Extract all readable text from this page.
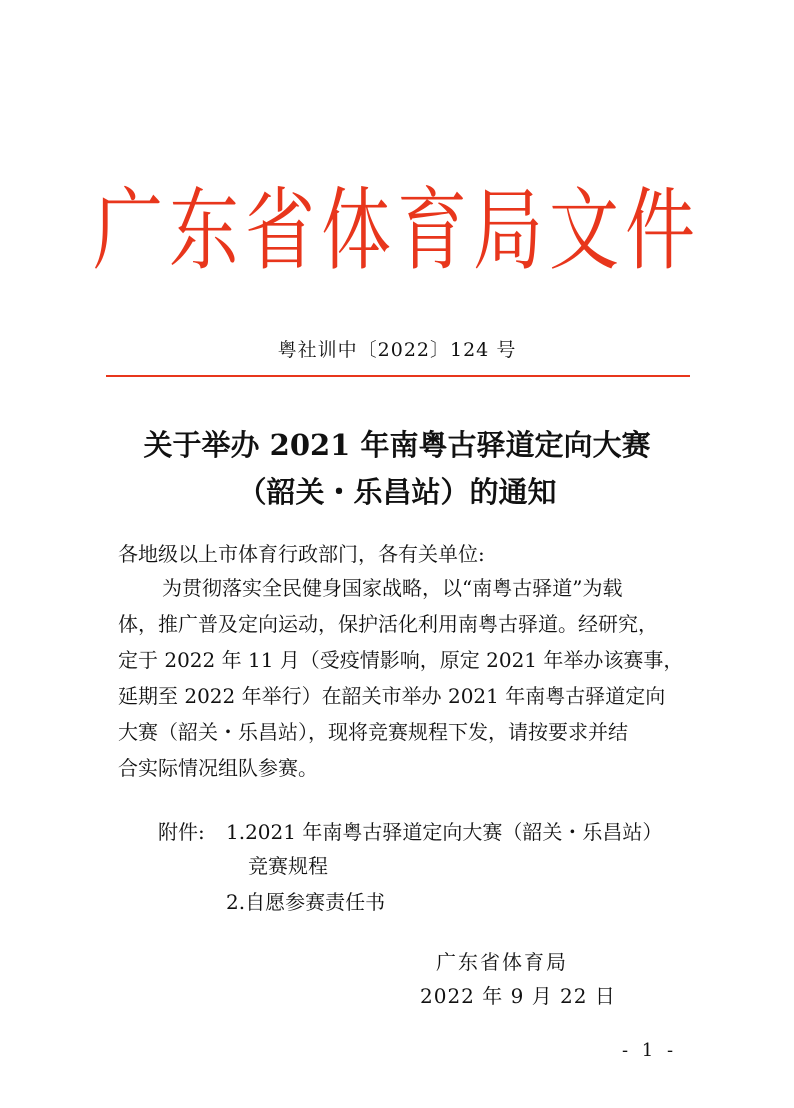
广东省体育局文件
粤社训中〔2022〕124 号
关于举办 2021 年南粤古驿道定向大赛
（韶关・乐昌站）的通知
各地级以上市体育行政部门，各有关单位:
为贯彻落实全民健身国家战略，以“南粤古驿道”为载
体，推广普及定向运动，保护活化利用南粤古驿道。经研究，
定于 2022 年 11 月（受疫情影响，原定 2021 年举办该赛事，
延期至 2022 年举行）在韶关市举办 2021 年南粤古驿道定向
大赛（韶关・乐昌站），现将竞赛规程下发，请按要求并结
合实际情况组队参赛。
附件: 1.2021 年南粤古驿道定向大赛（韶关・乐昌站）
竞赛规程
2.自愿参赛责任书
广东省体育局
2022 年 9 月 22 日
- 1 -
